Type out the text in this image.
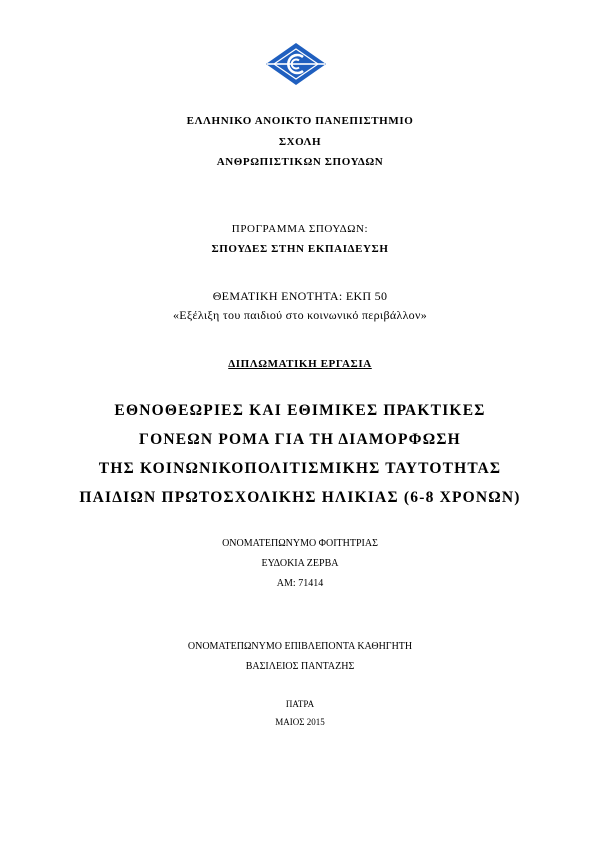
ΕΛΛΗΝΙΚΟ ΑΝΟΙΚΤΟ ΠΑΝΕΠΙΣΤΗΜΙΟ
ΣΧΟΛΗ
ΑΝΘΡΩΠΙΣΤΙΚΩΝ ΣΠΟΥΔΩΝ
ΠΡΟΓΡΑΜΜΑ ΣΠΟΥΔΩΝ:
ΣΠΟΥΔΕΣ ΣΤΗΝ ΕΚΠΑΙΔΕΥΣΗ
ΘΕΜΑΤΙΚΗ ΕΝΟΤΗΤΑ: ΕΚΠ 50
«Εξέλιξη του παιδιού στο κοινωνικό περιβάλλον»
ΔΙΠΛΩΜΑΤΙΚΗ ΕΡΓΑΣΙΑ
ΕΘΝΟΘΕΩΡΙΕΣ ΚΑΙ ΕΘΙΜΙΚΕΣ ΠΡΑΚΤΙΚΕΣ
ΓΟΝΕΩΝ ΡΟΜΑ ΓΙΑ ΤΗ ΔΙΑΜΟΡΦΩΣΗ
ΤΗΣ ΚΟΙΝΩΝΙΚΟΠΟΛΙΤΙΣΜΙΚΗΣ ΤΑΥΤΟΤΗΤΑΣ
ΠΑΙΔΙΩΝ ΠΡΩΤΟΣΧΟΛΙΚΗΣ ΗΛΙΚΙΑΣ (6-8 ΧΡΟΝΩΝ)
ΟΝΟΜΑΤΕΠΩΝΥΜΟ ΦΟΙΤΗΤΡΙΑΣ
ΕΥΔΟΚΙΑ ΖΕΡΒΑ
ΑΜ: 71414
ΟΝΟΜΑΤΕΠΩΝΥΜΟ ΕΠΙΒΛΕΠΟΝΤΑ ΚΑΘΗΓΗΤΗ
ΒΑΣΙΛΕΙΟΣ ΠΑΝΤΑΖΗΣ
ΠΑΤΡΑ
ΜΑΙΟΣ 2015
